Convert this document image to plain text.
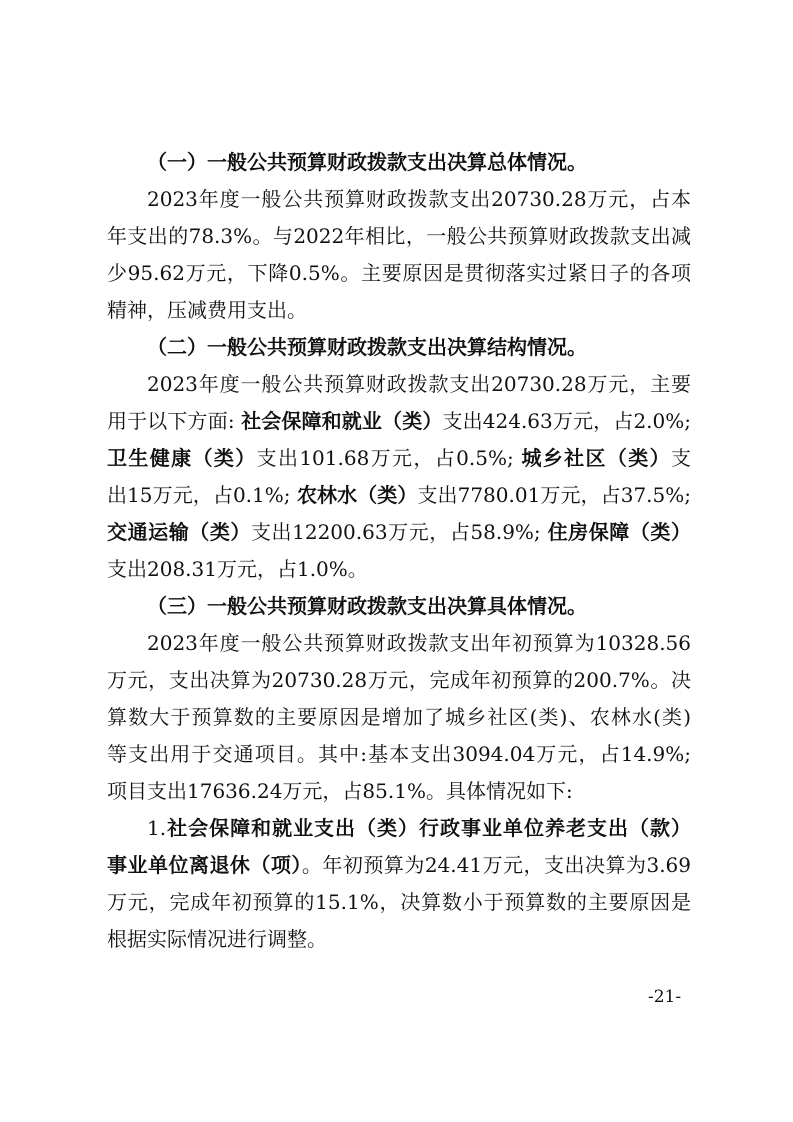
（一）一般公共预算财政拨款支出决算总体情况。
2023年度一般公共预算财政拨款支出20730.28万元，占本
年支出的78.3%。与2022年相比，一般公共预算财政拨款支出减
少95.62万元，下降0.5%。主要原因是贯彻落实过紧日子的各项
精神，压减费用支出。
（二）一般公共预算财政拨款支出决算结构情况。
2023年度一般公共预算财政拨款支出20730.28万元，主要
用于以下方面: 社会保障和就业（类）支出424.63万元，占2.0%;
卫生健康（类）支出101.68万元，占0.5%; 城乡社区（类）支
出15万元，占0.1%; 农林水（类）支出7780.01万元，占37.5%;
交通运输（类）支出12200.63万元，占58.9%; 住房保障（类）
支出208.31万元，占1.0%。
（三）一般公共预算财政拨款支出决算具体情况。
2023年度一般公共预算财政拨款支出年初预算为10328.56
万元，支出决算为20730.28万元，完成年初预算的200.7%。决
算数大于预算数的主要原因是增加了城乡社区(类)、农林水(类)
等支出用于交通项目。其中:基本支出3094.04万元，占14.9%;
项目支出17636.24万元，占85.1%。具体情况如下:
1.社会保障和就业支出（类）行政事业单位养老支出（款）
事业单位离退休（项）。年初预算为24.41万元，支出决算为3.69
万元，完成年初预算的15.1%，决算数小于预算数的主要原因是
根据实际情况进行调整。
-21-
